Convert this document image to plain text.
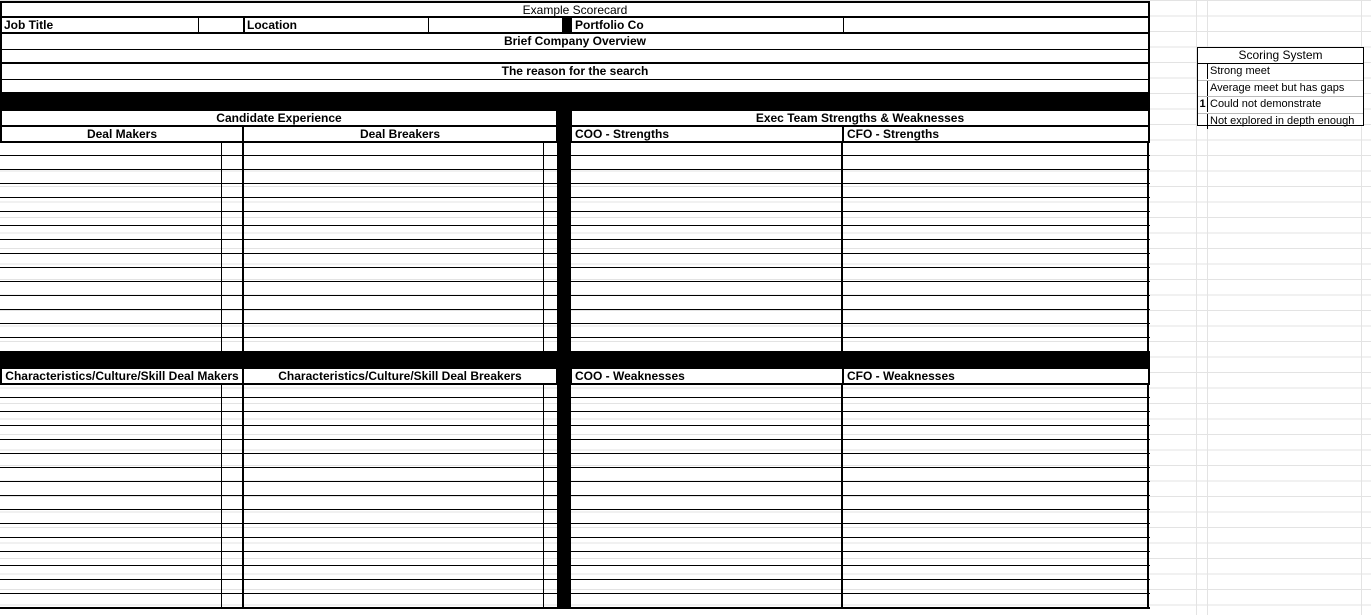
Example Scorecard
Job Title	Location	Portfolio Co
Brief Company Overview
The reason for the search
Candidate Experience	Exec Team Strengths & Weaknesses
Deal Makers	Deal Breakers	COO - Strengths	CFO - Strengths
Characteristics/Culture/Skill Deal Makers	Characteristics/Culture/Skill Deal Breakers	COO - Weaknesses	CFO - Weaknesses
Scoring System
Strong meet
Average meet but has gaps
1 Could not demonstrate
Not explored in depth enough
